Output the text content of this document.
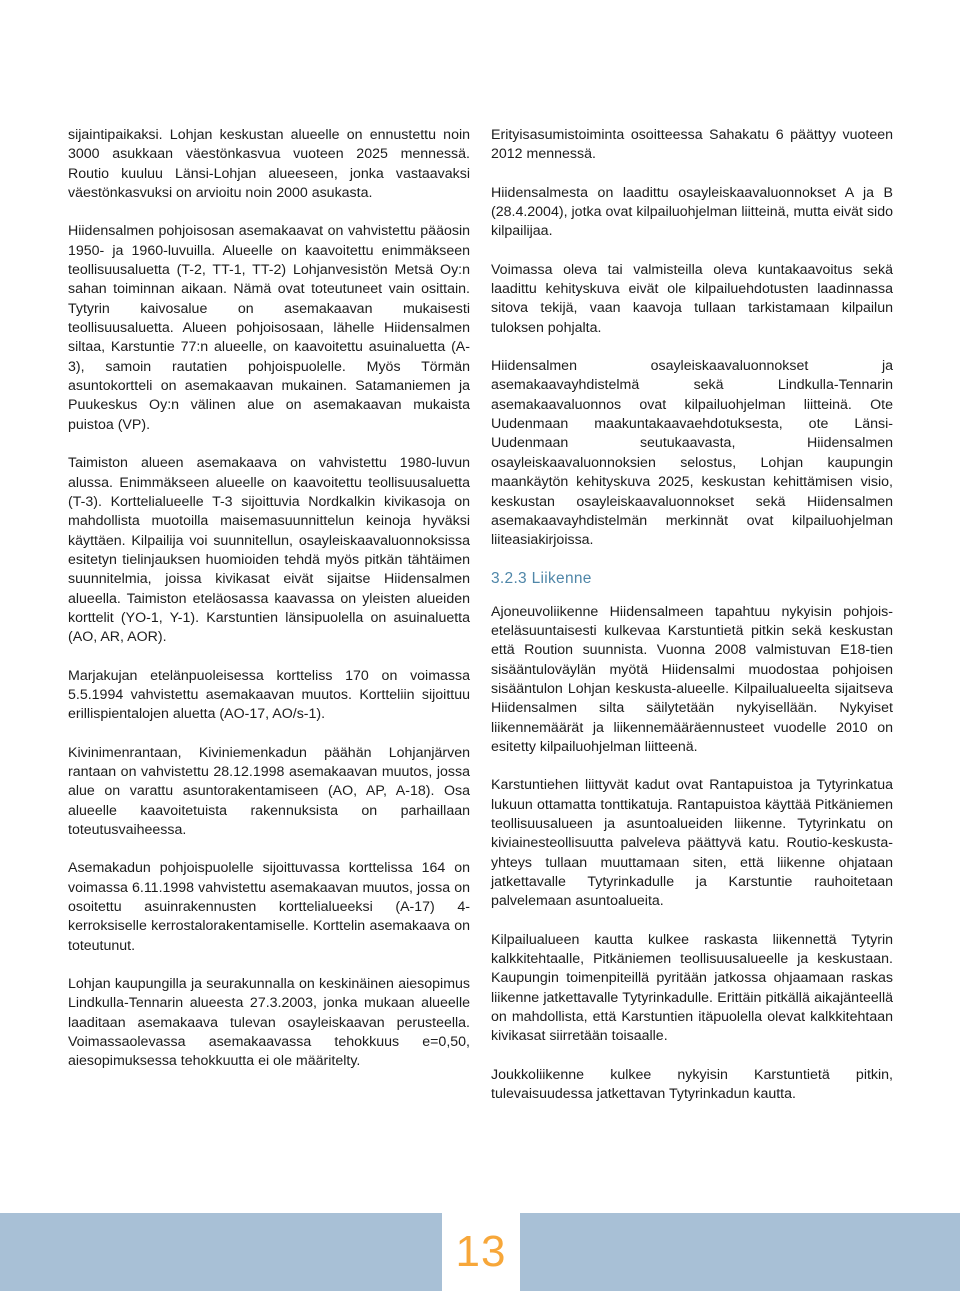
sijaintipaikaksi. Lohjan keskustan alueelle on ennustettu noin 3000 asukkaan väestönkasvua vuoteen 2025 mennessä. Routio kuuluu Länsi-Lohjan alueeseen, jonka vastaavaksi väestönkasvuksi on arvioitu noin 2000 asukasta.

Hiidensalmen pohjoisosan asemakaavat on vahvistettu pääosin 1950- ja 1960-luvuilla. Alueelle on kaavoitettu enimmäkseen teollisuusaluetta (T-2, TT-1, TT-2) Lohjanvesistön Metsä Oy:n sahan toiminnan aikaan. Nämä ovat toteutuneet vain osittain. Tytyrin kaivosalue on asemakaavan mukaisesti teollisuusaluetta. Alueen pohjoisosaan, lähelle Hiidensalmen siltaa, Karstuntie 77:n alueelle, on kaavoitettu asuinaluetta (A-3), samoin rautatien pohjoispuolelle. Myös Törmän asuntokortteli on asemakaavan mukainen. Satamaniemen ja Puukeskus Oy:n välinen alue on asemakaavan mukaista puistoa (VP).

Taimiston alueen asemakaava on vahvistettu 1980-luvun alussa. Enimmäkseen alueelle on kaavoitettu teollisuusaluetta (T-3). Korttelialueelle T-3 sijoittuvia Nordkalkin kivikasoja on mahdollista muotoilla maisemasuunnittelun keinoja hyväksi käyttäen. Kilpailija voi suunnitellun, osayleiskaavaluonnoksissa esitetyn tielinjauksen huomioiden tehdä myös pitkän tähtäimen suunnitelmia, joissa kivikasat eivät sijaitse Hiidensalmen alueella. Taimiston eteläosassa kaavassa on yleisten alueiden korttelit (YO-1, Y-1). Karstuntien länsipuolella on asuinaluetta (AO, AR, AOR).

Marjakujan etelänpuoleisessa kortteliss 170 on voimassa 5.5.1994 vahvistettu asemakaavan muutos. Kortteliin sijoittuu erillispientalojen aluetta (AO-17, AO/s-1).

Kivinimenrantaan, Kiviniemenkadun päähän Lohjanjärven rantaan on vahvistettu 28.12.1998 asemakaavan muutos, jossa alue on varattu asuntorakentamiseen (AO, AP, A-18). Osa alueelle kaavoitetuista rakennuksista on parhaillaan toteutusvaiheessa.

Asemakadun pohjoispuolelle sijoittuvassa korttelissa 164 on voimassa 6.11.1998 vahvistettu asemakaavan muutos, jossa on osoitettu asuinrakennusten korttelialueeksi (A-17) 4-kerroksiselle kerrostalorakentamiselle. Korttelin asemakaava on toteutunut.

Lohjan kaupungilla ja seurakunnalla on keskinäinen aiesopimus Lindkulla-Tennarin alueesta 27.3.2003, jonka mukaan alueelle laaditaan asemakaava tulevan osayleiskaavan perusteella. Voimassaolevassa asemakaavassa tehokkuus e=0,50, aiesopimuksessa tehokkuutta ei ole määritelty.

Erityisasumistoiminta osoitteessa Sahakatu 6 päättyy vuoteen 2012 mennessä.

Hiidensalmesta on laadittu osayleiskaavaluonnokset A ja B (28.4.2004), jotka ovat kilpailuohjelman liitteinä, mutta eivät sido kilpailijaa.

Voimassa oleva tai valmisteilla oleva kuntakaavoitus sekä laadittu kehityskuva eivät ole kilpailuehdotusten laadinnassa sitova tekijä, vaan kaavoja tullaan tarkistamaan kilpailun tuloksen pohjalta.

Hiidensalmen osayleiskaavaluonnokset ja asemakaavayhdistelmä sekä Lindkulla-Tennarin asemakaavaluonnos ovat kilpailuohjelman liitteinä. Ote Uudenmaan maakuntakaavaehdotuksesta, ote Länsi-Uudenmaan seutukaavasta, Hiidensalmen osayleiskaavaluonnoksien selostus, Lohjan kaupungin maankäytön kehityskuva 2025, keskustan kehittämisen visio, keskustan osayleiskaavaluonnokset sekä Hiidensalmen asemakaavayhdistelmän merkinnät ovat kilpailuohjelman liiteasiakirjoissa.

3.2.3 Liikenne

Ajoneuvoliikenne Hiidensalmeen tapahtuu nykyisin pohjois-eteläsuuntaisesti kulkevaa Karstuntietä pitkin sekä keskustan että Roution suunnista. Vuonna 2008 valmistuvan E18-tien sisääntuloväylän myötä Hiidensalmi muodostaa pohjoisen sisääntulon Lohjan keskusta-alueelle. Kilpailualueelta sijaitseva Hiidensalmen silta säilytetään nykyisellään. Nykyiset liikennemäärät ja liikennemääräennusteet vuodelle 2010 on esitetty kilpailuohjelman liitteenä.

Karstuntiehen liittyvät kadut ovat Rantapuistoa ja Tytyrinkatua lukuun ottamatta tonttikatuja. Rantapuistoa käyttää Pitkäniemen teollisuusalueen ja asuntoalueiden liikenne. Tytyrinkatu on kiviainesteollisuutta palveleva päättyvä katu. Routio-keskusta- yhteys tullaan muuttamaan siten, että liikenne ohjataan jatkettavalle Tytyrinkadulle ja Karstuntie rauhoitetaan palvelemaan asuntoalueita.

Kilpailualueen kautta kulkee raskasta liikennettä Tytyrin kalkkitehtaalle, Pitkäniemen teollisuusalueelle ja keskustaan. Kaupungin toimenpiteillä pyritään jatkossa ohjaamaan raskas liikenne jatkettavalle Tytyrinkadulle. Erittäin pitkällä aikajänteellä on mahdollista, että Karstuntien itäpuolella olevat kalkkitehtaan kivikasat siirretään toisaalle.

Joukkoliikenne kulkee nykyisin Karstuntietä pitkin, tulevaisuudessa jatkettavan Tytyrinkadun kautta.

13
